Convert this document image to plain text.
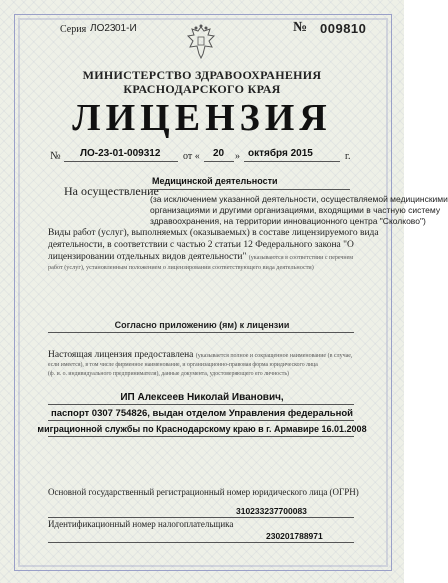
Серия ЛО23 01-И	№ 009810
МИНИСТЕРСТВО ЗДРАВООХРАНЕНИЯ
КРАСНОДАРСКОГО КРАЯ
ЛИЦЕНЗИЯ
№ ЛО-23-01-009312 от « 20 » октября 2015	г.
Медицинской деятельности
На осуществление
(за исключением указанной деятельности, осуществляемой медицинскими
организациями и другими организациями, входящими в частную систему
здравоохранения, на территории инновационного центра "Сколково")
Виды работ (услуг), выполняемых (оказываемых) в составе лицензируемого вида
деятельности, в соответствии с частью 2 статьи 12 Федерального закона "О
лицензировании отдельных видов деятельности" (указываются в соответствии с перечнем
работ (услуг), установленным положением о лицензировании соответствующего вида деятельности)
Согласно приложению (ям) к лицензии
Настоящая лицензия предоставлена (указывается полное и сокращенное наименование (в случае,
если имеется), в том числе фирменное наименование, и организационно-правовая форма юридического лица
(ф. и. о. индивидуального предпринимателя), данные документа, удостоверяющего его личность)
ИП Алексеев Николай Иванович,
паспорт 0307 754826, выдан отделом Управления федеральной
миграционной службы по Краснодарскому краю в г. Армавире 16.01.2008
Основной государственный регистрационный номер юридического лица (ОГРН)
310233237700083
Идентификационный номер налогоплательщика
230201788971
